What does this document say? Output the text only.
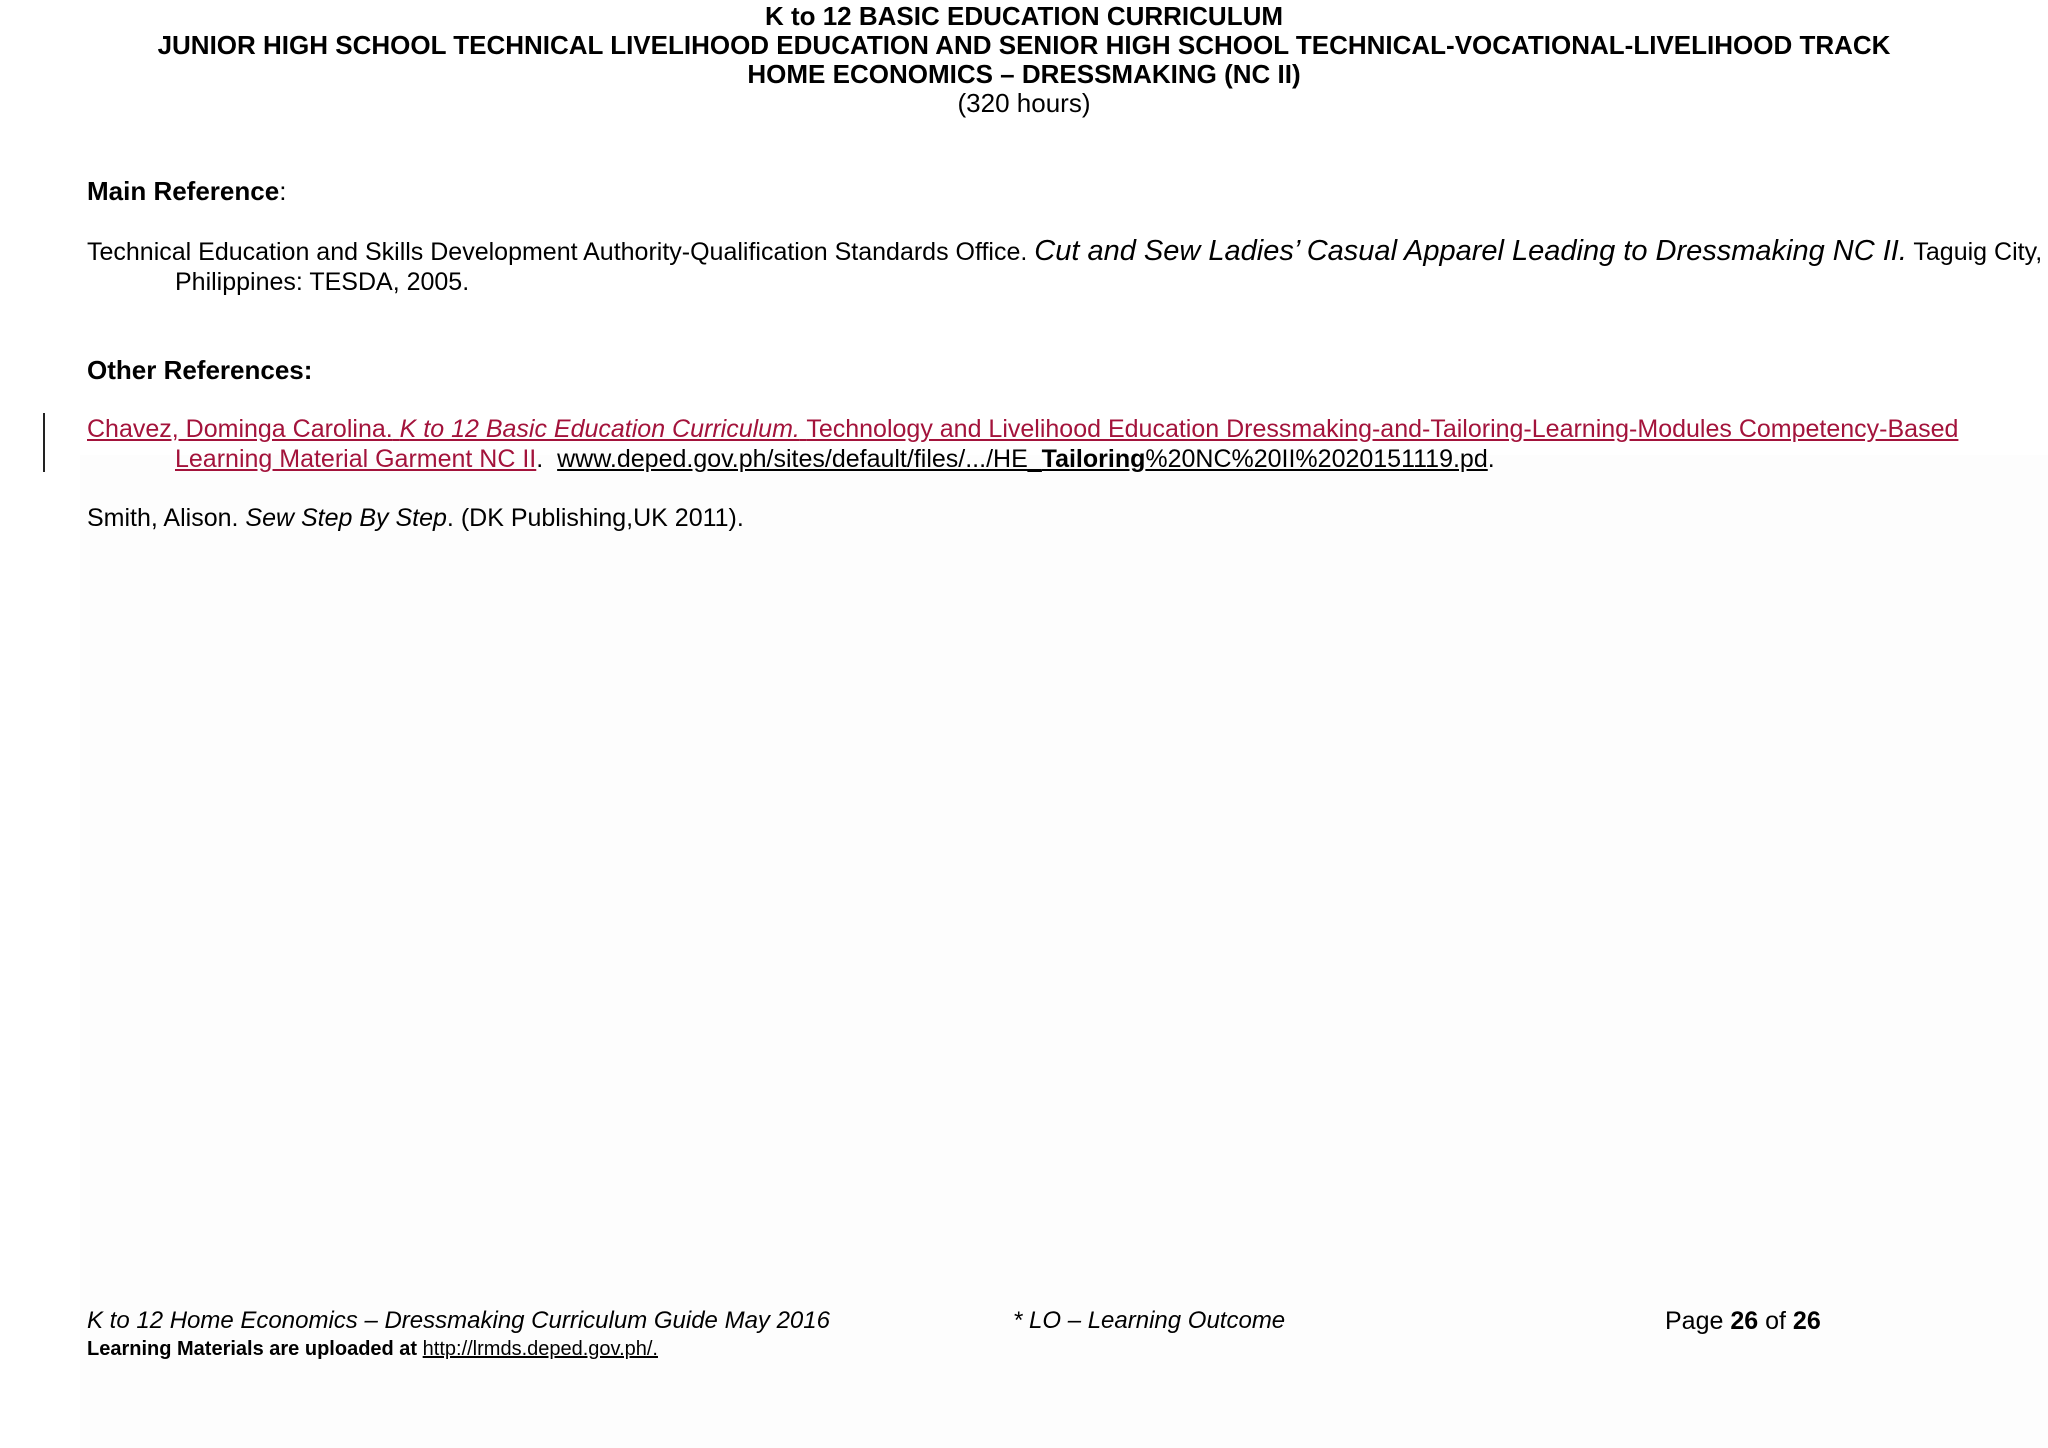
K to 12 BASIC EDUCATION CURRICULUM
JUNIOR HIGH SCHOOL TECHNICAL LIVELIHOOD EDUCATION AND SENIOR HIGH SCHOOL TECHNICAL-VOCATIONAL-LIVELIHOOD TRACK
HOME ECONOMICS – DRESSMAKING (NC II)
(320 hours)
Main Reference:
Technical Education and Skills Development Authority-Qualification Standards Office. Cut and Sew Ladies’ Casual Apparel Leading to Dressmaking NC II. Taguig City,
Philippines: TESDA, 2005.
Other References:
Chavez, Dominga Carolina. K to 12 Basic Education Curriculum. Technology and Livelihood Education Dressmaking-and-Tailoring-Learning-Modules Competency-Based
Learning Material Garment NC II. www.deped.gov.ph/sites/default/files/.../HE_Tailoring%20NC%20II%2020151119.pd.
Smith, Alison. Sew Step By Step. (DK Publishing,UK 2011).
K to 12 Home Economics – Dressmaking Curriculum Guide May 2016	* LO – Learning Outcome	Page 26 of 26
Learning Materials are uploaded at http://lrmds.deped.gov.ph/.
